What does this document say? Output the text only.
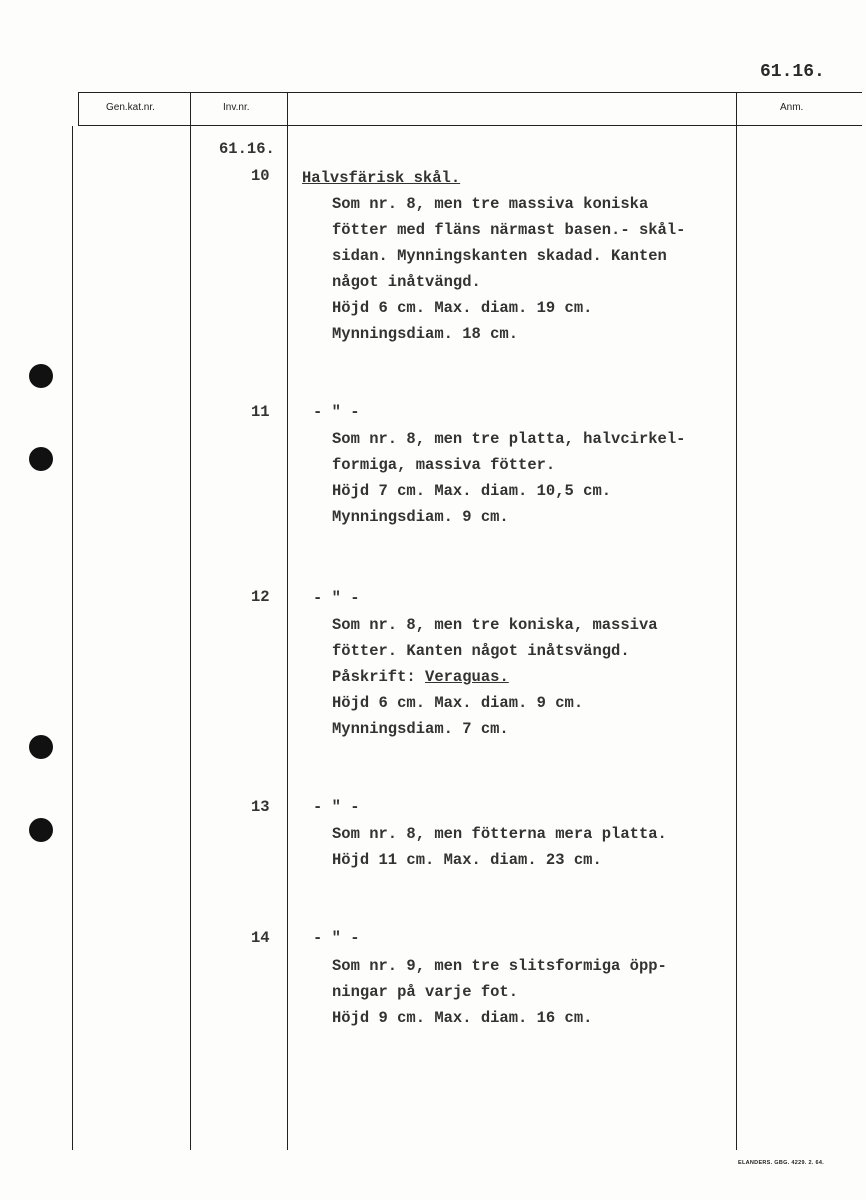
61.16.
Gen.kat.nr.	Inv.nr.	Anm.
61.16.
10 Halvsfärisk skål.
Som nr. 8, men tre massiva koniska
fötter med fläns närmast basen.- skål-
sidan. Mynningskanten skadad. Kanten
något inåtvängd.
Höjd 6 cm. Max. diam. 19 cm.
Mynningsdiam. 18 cm.
11	- " -
Som nr. 8, men tre platta, halvcirkel-
formiga, massiva fötter.
Höjd 7 cm. Max. diam. 10,5 cm.
Mynningsdiam. 9 cm.
12	- " -
Som nr. 8, men tre koniska, massiva
fötter. Kanten något inåtsvängd.
Påskrift: Veraguas.
Höjd 6 cm. Max. diam. 9 cm.
Mynningsdiam. 7 cm.
13	- " -
Som nr. 8, men fötterna mera platta.
Höjd 11 cm. Max. diam. 23 cm.
14	- " -
Som nr. 9, men tre slitsformiga öpp-
ningar på varje fot.
Höjd 9 cm. Max. diam. 16 cm.
ELANDERS. GBG. 4229. 2. 64.
